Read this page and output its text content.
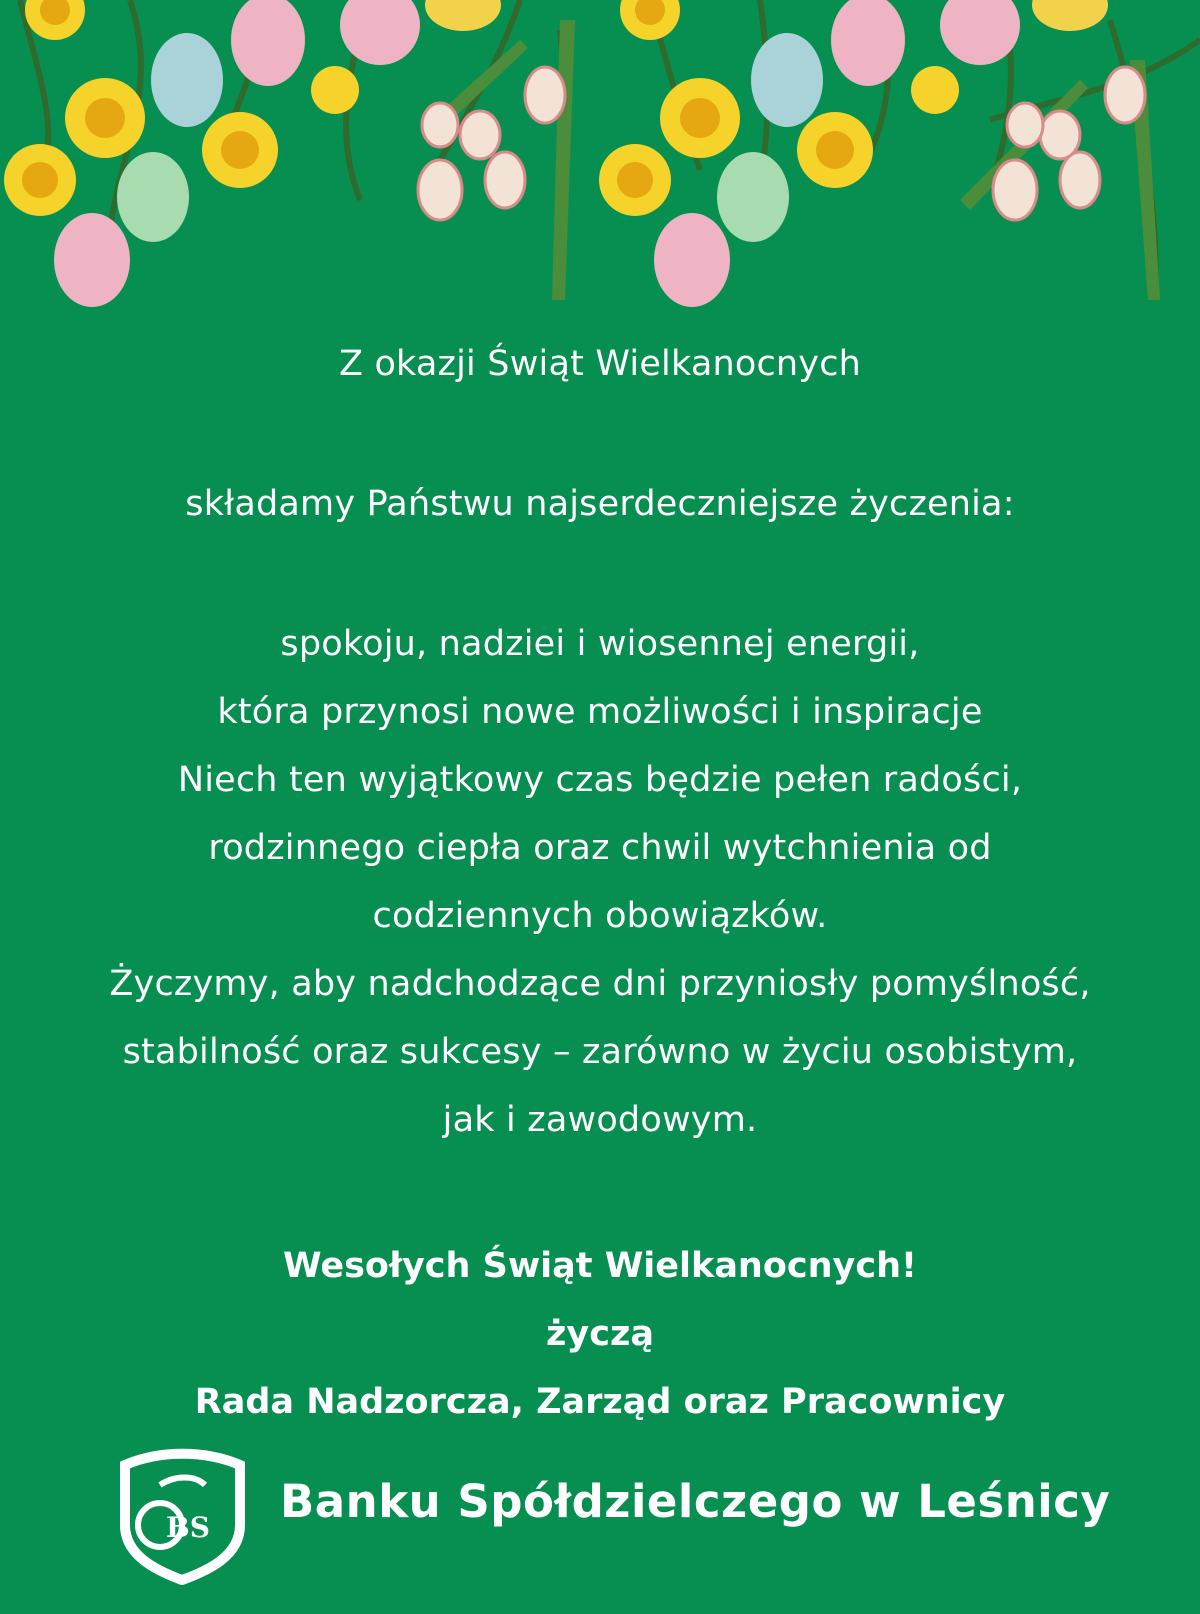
Z okazji Świąt Wielkanocnych
składamy Państwu najserdeczniejsze życzenia:
spokoju, nadziei i wiosennej energii,
która przynosi nowe możliwości i inspiracje
Niech ten wyjątkowy czas będzie pełen radości,
rodzinnego ciepła oraz chwil wytchnienia od
codziennych obowiązków.
Życzymy, aby nadchodzące dni przyniosły pomyślność,
stabilność oraz sukcesy – zarówno w życiu osobistym,
jak i zawodowym.
Wesołych Świąt Wielkanocnych!
życzą
Rada Nadzorcza, Zarząd oraz Pracownicy
BS Banku Spółdzielczego w Leśnicy
